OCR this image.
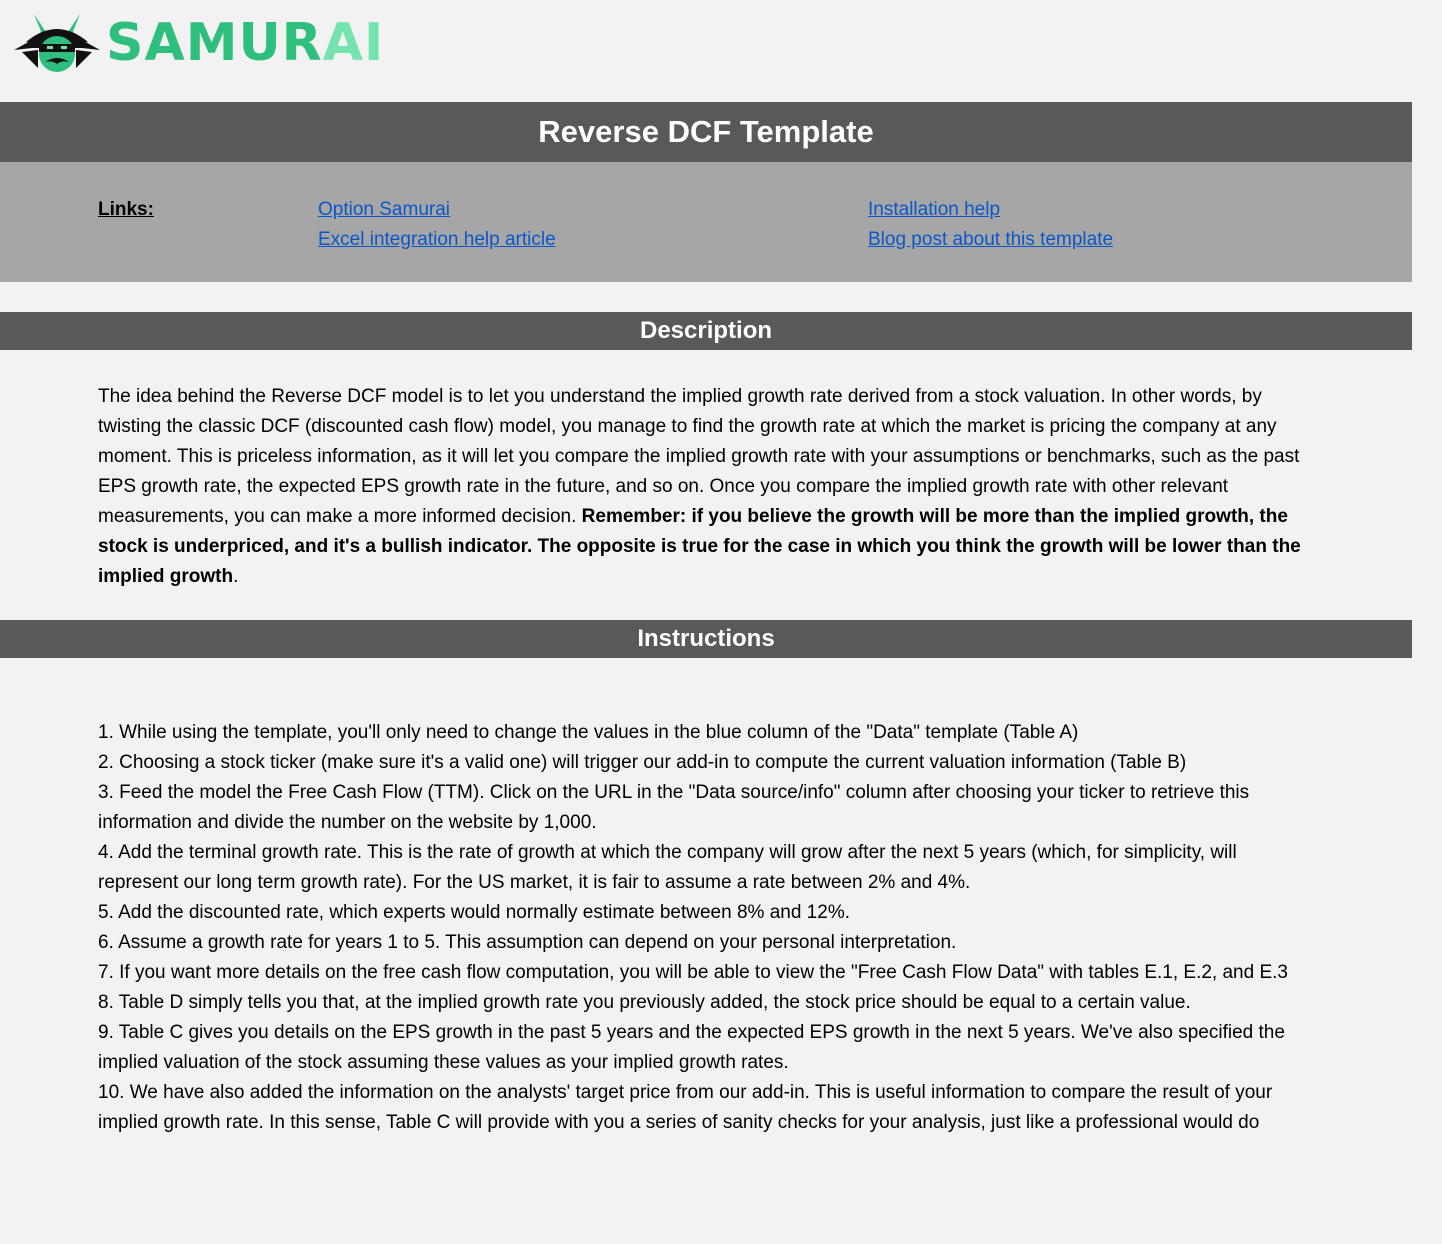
SAMURAI
Reverse DCF Template
Links:	Option Samurai
Excel integration help article
Installation help
Blog post about this template
Description
The idea behind the Reverse DCF model is to let you understand the implied growth rate derived from a stock valuation. In other words, by twisting the classic DCF (discounted cash flow) model, you manage to find the growth rate at which the market is pricing the company at any moment. This is priceless information, as it will let you compare the implied growth rate with your assumptions or benchmarks, such as the past EPS growth rate, the expected EPS growth rate in the future, and so on. Once you compare the implied growth rate with other relevant measurements, you can make a more informed decision. Remember: if you believe the growth will be more than the implied growth, the stock is underpriced, and it's a bullish indicator. The opposite is true for the case in which you think the growth will be lower than the implied growth.
Instructions
1. While using the template, you'll only need to change the values in the blue column of the "Data" template (Table A)
2. Choosing a stock ticker (make sure it's a valid one) will trigger our add-in to compute the current valuation information (Table B)
3. Feed the model the Free Cash Flow (TTM). Click on the URL in the "Data source/info" column after choosing your ticker to retrieve this information and divide the number on the website by 1,000.
4. Add the terminal growth rate. This is the rate of growth at which the company will grow after the next 5 years (which, for simplicity, will represent our long term growth rate). For the US market, it is fair to assume a rate between 2% and 4%.
5. Add the discounted rate, which experts would normally estimate between 8% and 12%.
6. Assume a growth rate for years 1 to 5. This assumption can depend on your personal interpretation.
7. If you want more details on the free cash flow computation, you will be able to view the "Free Cash Flow Data" with tables E.1, E.2, and E.3
8. Table D simply tells you that, at the implied growth rate you previously added, the stock price should be equal to a certain value.
9. Table C gives you details on the EPS growth in the past 5 years and the expected EPS growth in the next 5 years. We've also specified the implied valuation of the stock assuming these values as your implied growth rates.
10. We have also added the information on the analysts' target price from our add-in. This is useful information to compare the result of your implied growth rate. In this sense, Table C will provide with you a series of sanity checks for your analysis, just like a professional would do
